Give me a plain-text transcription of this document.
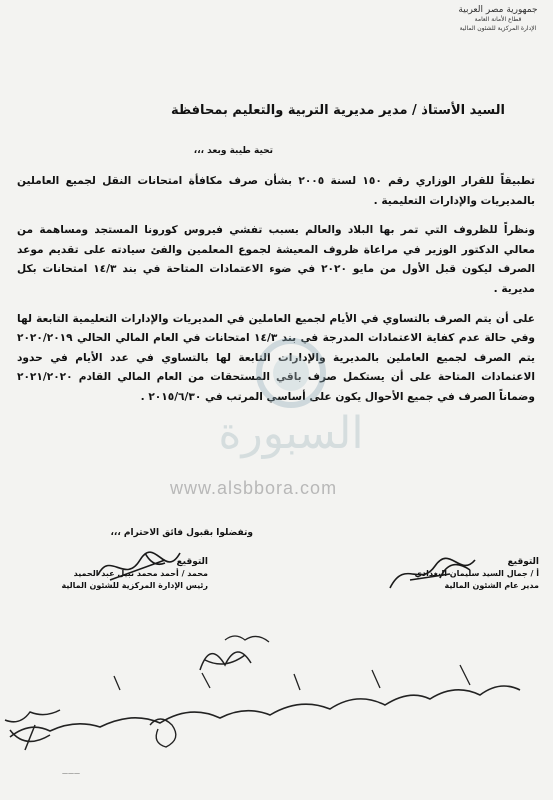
جمهورية مصر العربية
قطاع الأمانة العامة
الإدارة المركزية للشئون المالية
السيد الأستاذ / مدير مديرية التربية والتعليم بمحافظة
تحية طيبة وبعد ،،،

تطبيقاً للقرار الوزاري رقم ١٥٠ لسنة ٢٠٠٥ بشأن صرف مكافأة امتحانات النقل لجميع العاملين بالمديريات والإدارات التعليمية .

ونظراً للظروف التي تمر بها البلاد والعالم بسبب تفشي فيروس كورونا المستجد ومساهمة من معالي الدكتور الوزير في مراعاة ظروف المعيشة لجموع المعلمين والفئ سيادته على تقديم موعد الصرف ليكون قبل الأول من مايو ٢٠٢٠ في ضوء الاعتمادات المتاحة في بند ١٤/٣ امتحانات بكل مديرية .

على أن يتم الصرف بالتساوي في الأيام لجميع العاملين في المديريات والإدارات التعليمية التابعة لها وفي حالة عدم كفاية الاعتمادات المدرجة في بند ١٤/٣ امتحانات في العام المالي الحالي ٢٠٢٠/٢٠١٩ يتم الصرف لجميع العاملين بالمديرية والإدارات التابعة لها بالتساوي في عدد الأيام في حدود الاعتمادات المتاحة على أن يستكمل صرف باقي المستحقات من العام المالي القادم ٢٠٢١/٢٠٢٠ وضماناً الصرف في جميع الأحوال يكون على أساسي المرتب في ٢٠١٥/٦/٣٠ .

وتفضلوا بقبول فائق الاحترام ،،،
التوقيع
أ / جمال السيد سليمان البغدادي
مدير عام الشئون المالية
التوقيع
محمد / أحمد محمد نبيل عبد الحميد
رئيس الإدارة المركزية للشئون المالية
السبورة
www.alsbbora.com
———
